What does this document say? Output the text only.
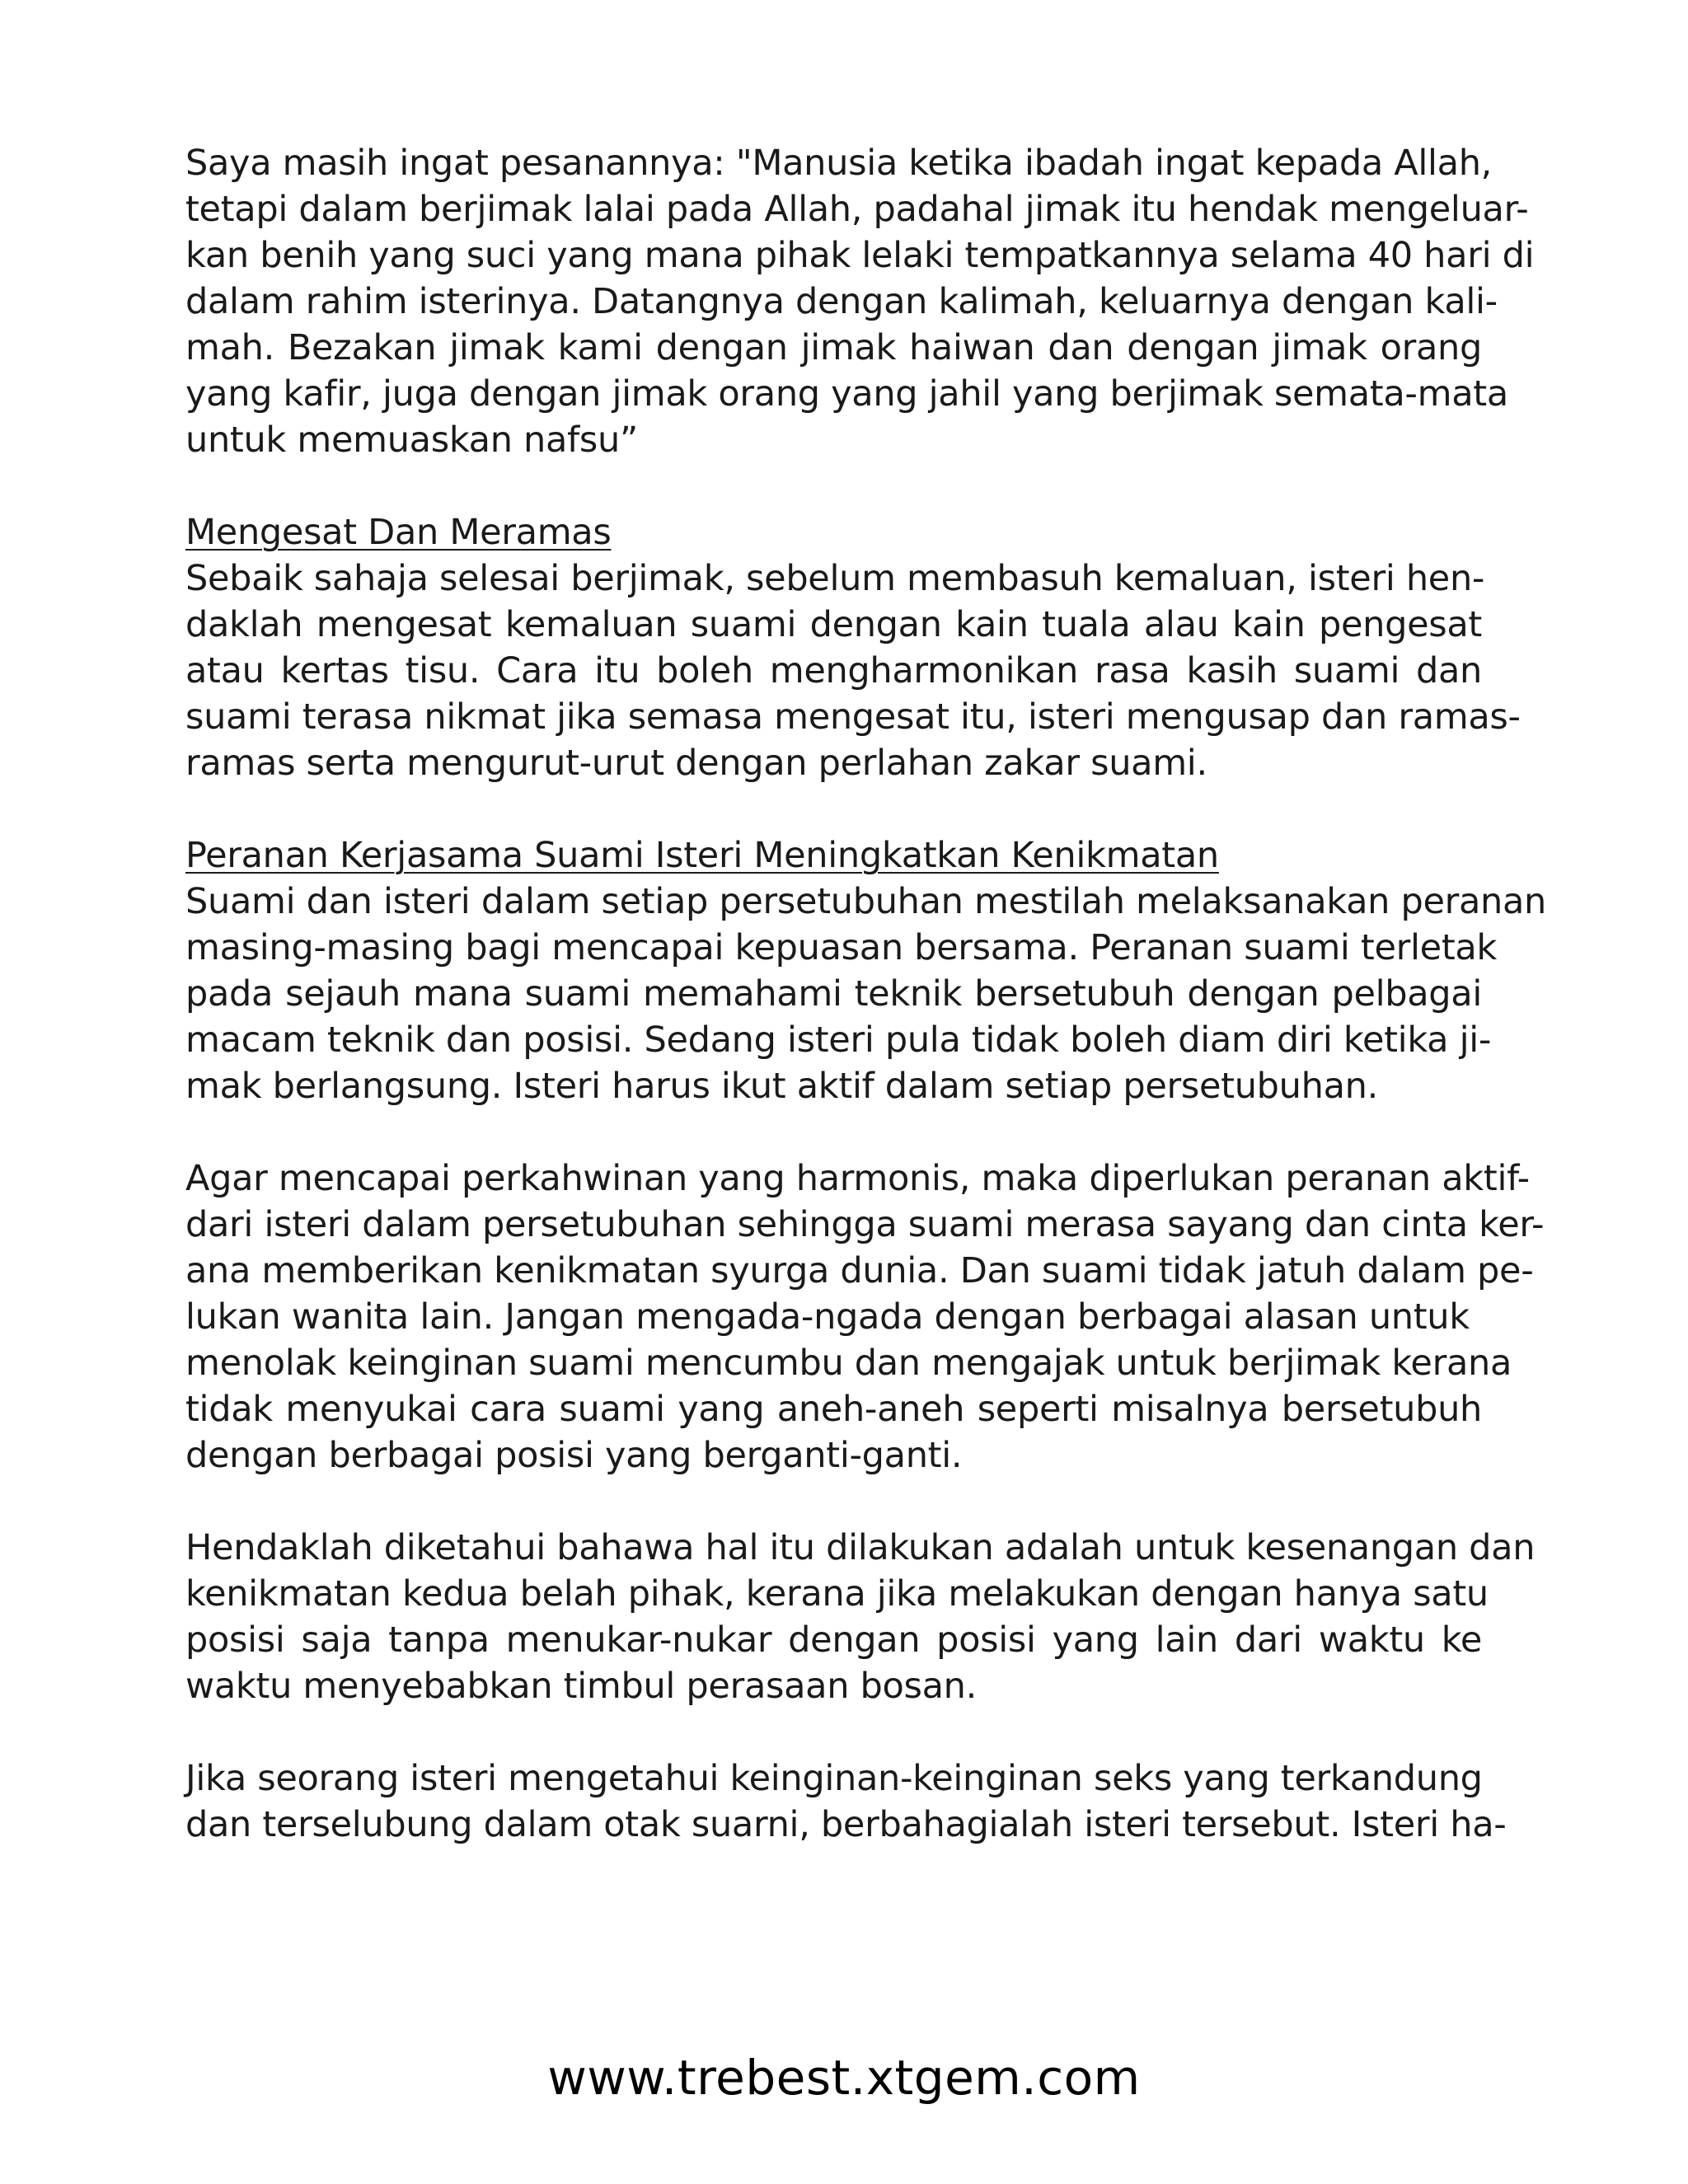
Saya masih ingat pesanannya: "Manusia ketika ibadah ingat kepada Allah,
tetapi dalam berjimak lalai pada Allah, padahal jimak itu hendak mengeluar-
kan benih yang suci yang mana pihak lelaki tempatkannya selama 40 hari di
dalam rahim isterinya. Datangnya dengan kalimah, keluarnya dengan kali-
mah. Bezakan jimak kami dengan jimak haiwan dan dengan jimak orang
yang kafir, juga dengan jimak orang yang jahil yang berjimak semata-mata
untuk memuaskan nafsu”

Mengesat Dan Meramas
Sebaik sahaja selesai berjimak, sebelum membasuh kemaluan, isteri hen-
daklah mengesat kemaluan suami dengan kain tuala alau kain pengesat
atau kertas tisu. Cara itu boleh mengharmonikan rasa kasih suami dan
suami terasa nikmat jika semasa mengesat itu, isteri mengusap dan ramas-
ramas serta mengurut-urut dengan perlahan zakar suami.

Peranan Kerjasama Suami Isteri Meningkatkan Kenikmatan
Suami dan isteri dalam setiap persetubuhan mestilah melaksanakan peranan
masing-masing bagi mencapai kepuasan bersama. Peranan suami terletak
pada sejauh mana suami memahami teknik bersetubuh dengan pelbagai
macam teknik dan posisi. Sedang isteri pula tidak boleh diam diri ketika ji-
mak berlangsung. Isteri harus ikut aktif dalam setiap persetubuhan.

Agar mencapai perkahwinan yang harmonis, maka diperlukan peranan aktif-
dari isteri dalam persetubuhan sehingga suami merasa sayang dan cinta ker-
ana memberikan kenikmatan syurga dunia. Dan suami tidak jatuh dalam pe-
lukan wanita lain. Jangan mengada-ngada dengan berbagai alasan untuk
menolak keinginan suami mencumbu dan mengajak untuk berjimak kerana
tidak menyukai cara suami yang aneh-aneh seperti misalnya bersetubuh
dengan berbagai posisi yang berganti-ganti.

Hendaklah diketahui bahawa hal itu dilakukan adalah untuk kesenangan dan
kenikmatan kedua belah pihak, kerana jika melakukan dengan hanya satu
posisi saja tanpa menukar-nukar dengan posisi yang lain dari waktu ke
waktu menyebabkan timbul perasaan bosan.

Jika seorang isteri mengetahui keinginan-keinginan seks yang terkandung
dan terselubung dalam otak suarni, berbahagialah isteri tersebut. Isteri ha-

www.trebest.xtgem.com
